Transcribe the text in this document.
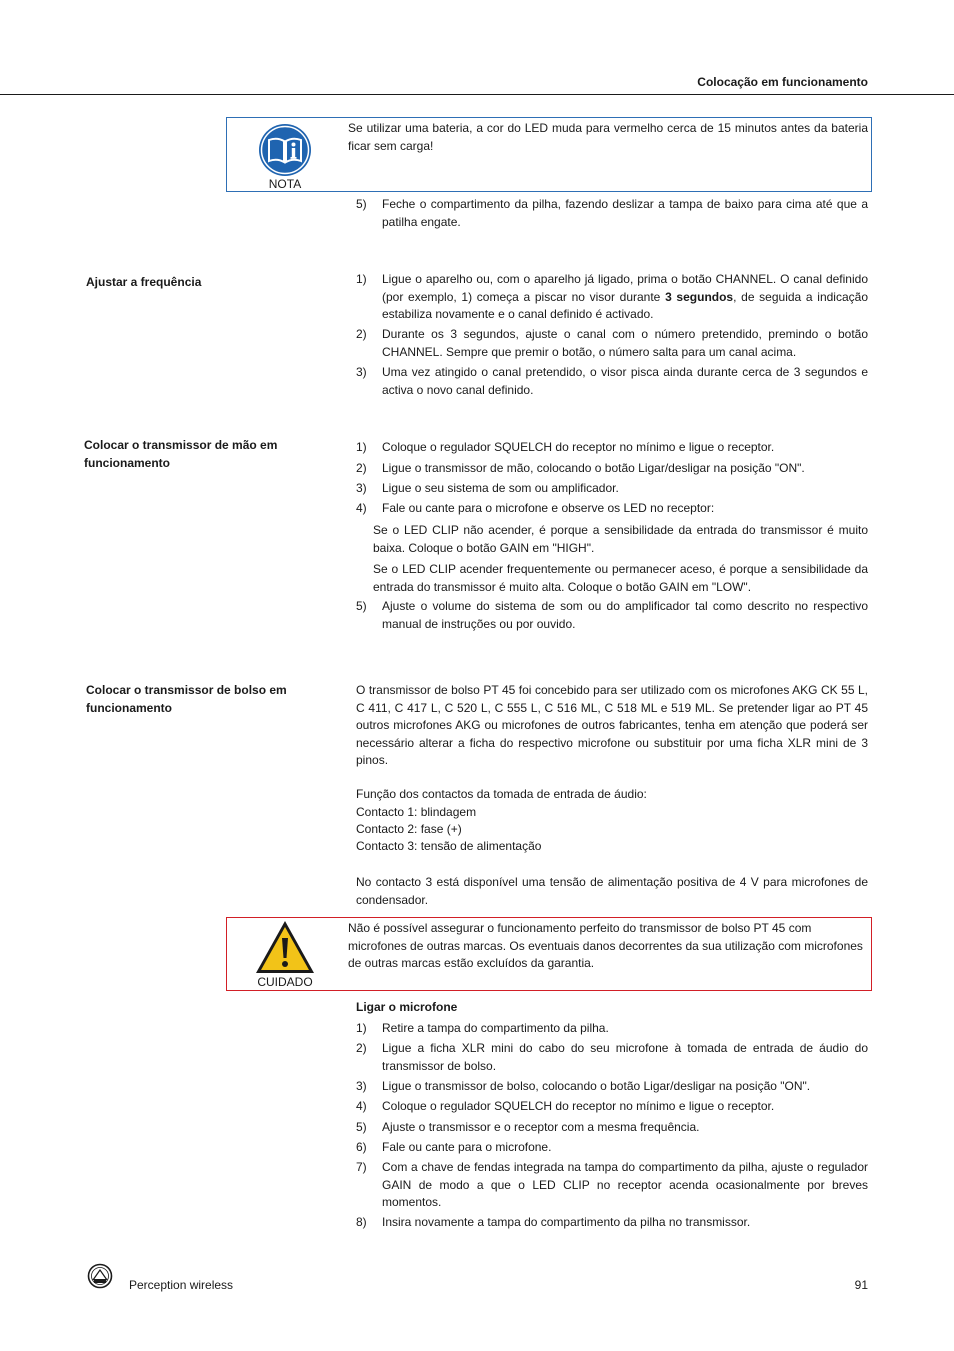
Colocação em funcionamento
NOTA
Se utilizar uma bateria, a cor do LED muda para vermelho cerca de 15 minutos antes da bateria ficar sem carga!
5)	Feche o compartimento da pilha, fazendo deslizar a tampa de baixo para cima até que a patilha engate.
Ajustar a frequência	1)	Ligue o aparelho ou, com o aparelho já ligado, prima o botão CHANNEL. O canal definido (por exemplo, 1) começa a piscar no visor durante 3 segundos, de seguida a indicação estabiliza novamente e o canal definido é activado.
2)	Durante os 3 segundos, ajuste o canal com o número pretendido, premindo o botão CHANNEL. Sempre que premir o botão, o número salta para um canal acima.
3)	Uma vez atingido o canal pretendido, o visor pisca ainda durante cerca de 3 segundos e activa o novo canal definido.
Colocar o transmissor de mão em funcionamento
1)	Coloque o regulador SQUELCH do receptor no mínimo e ligue o receptor.
2)	Ligue o transmissor de mão, colocando o botão Ligar/desligar na posição "ON".
3)	Ligue o seu sistema de som ou amplificador.
4)	Fale ou cante para o microfone e observe os LED no receptor:
Se o LED CLIP não acender, é porque a sensibilidade da entrada do transmissor é muito baixa. Coloque o botão GAIN em "HIGH".
Se o LED CLIP acender frequentemente ou permanecer aceso, é porque a sensibilidade da entrada do transmissor é muito alta. Coloque o botão GAIN em "LOW".
5)	Ajuste o volume do sistema de som ou do amplificador tal como descrito no respectivo manual de instruções ou por ouvido.
Colocar o transmissor de bolso em funcionamento
O transmissor de bolso PT 45 foi concebido para ser utilizado com os microfones AKG CK 55 L, C 411, C 417 L, C 520 L, C 555 L, C 516 ML, C 518 ML e 519 ML. Se pretender ligar ao PT 45 outros microfones AKG ou microfones de outros fabricantes, tenha em atenção que poderá ser necessário alterar a ficha do respectivo microfone ou substituir por uma ficha XLR mini de 3 pinos.
Função dos contactos da tomada de entrada de áudio:
Contacto 1: blindagem
Contacto 2: fase (+)
Contacto 3: tensão de alimentação
No contacto 3 está disponível uma tensão de alimentação positiva de 4 V para microfones de condensador.
CUIDADO
Não é possível assegurar o funcionamento perfeito do transmissor de bolso PT 45 com microfones de outras marcas. Os eventuais danos decorrentes da sua utilização com microfones de outras marcas estão excluídos da garantia.
Ligar o microfone
1)	Retire a tampa do compartimento da pilha.
2)	Ligue a ficha XLR mini do cabo do seu microfone à tomada de entrada de áudio do transmissor de bolso.
3)	Ligue o transmissor de bolso, colocando o botão Ligar/desligar na posição "ON".
4)	Coloque o regulador SQUELCH do receptor no mínimo e ligue o receptor.
5)	Ajuste o transmissor e o receptor com a mesma frequência.
6)	Fale ou cante para o microfone.
7)	Com a chave de fendas integrada na tampa do compartimento da pilha, ajuste o regulador GAIN de modo a que o LED CLIP no receptor acenda ocasionalmente por breves momentos.
8)	Insira novamente a tampa do compartimento da pilha no transmissor.
Perception wireless	91
